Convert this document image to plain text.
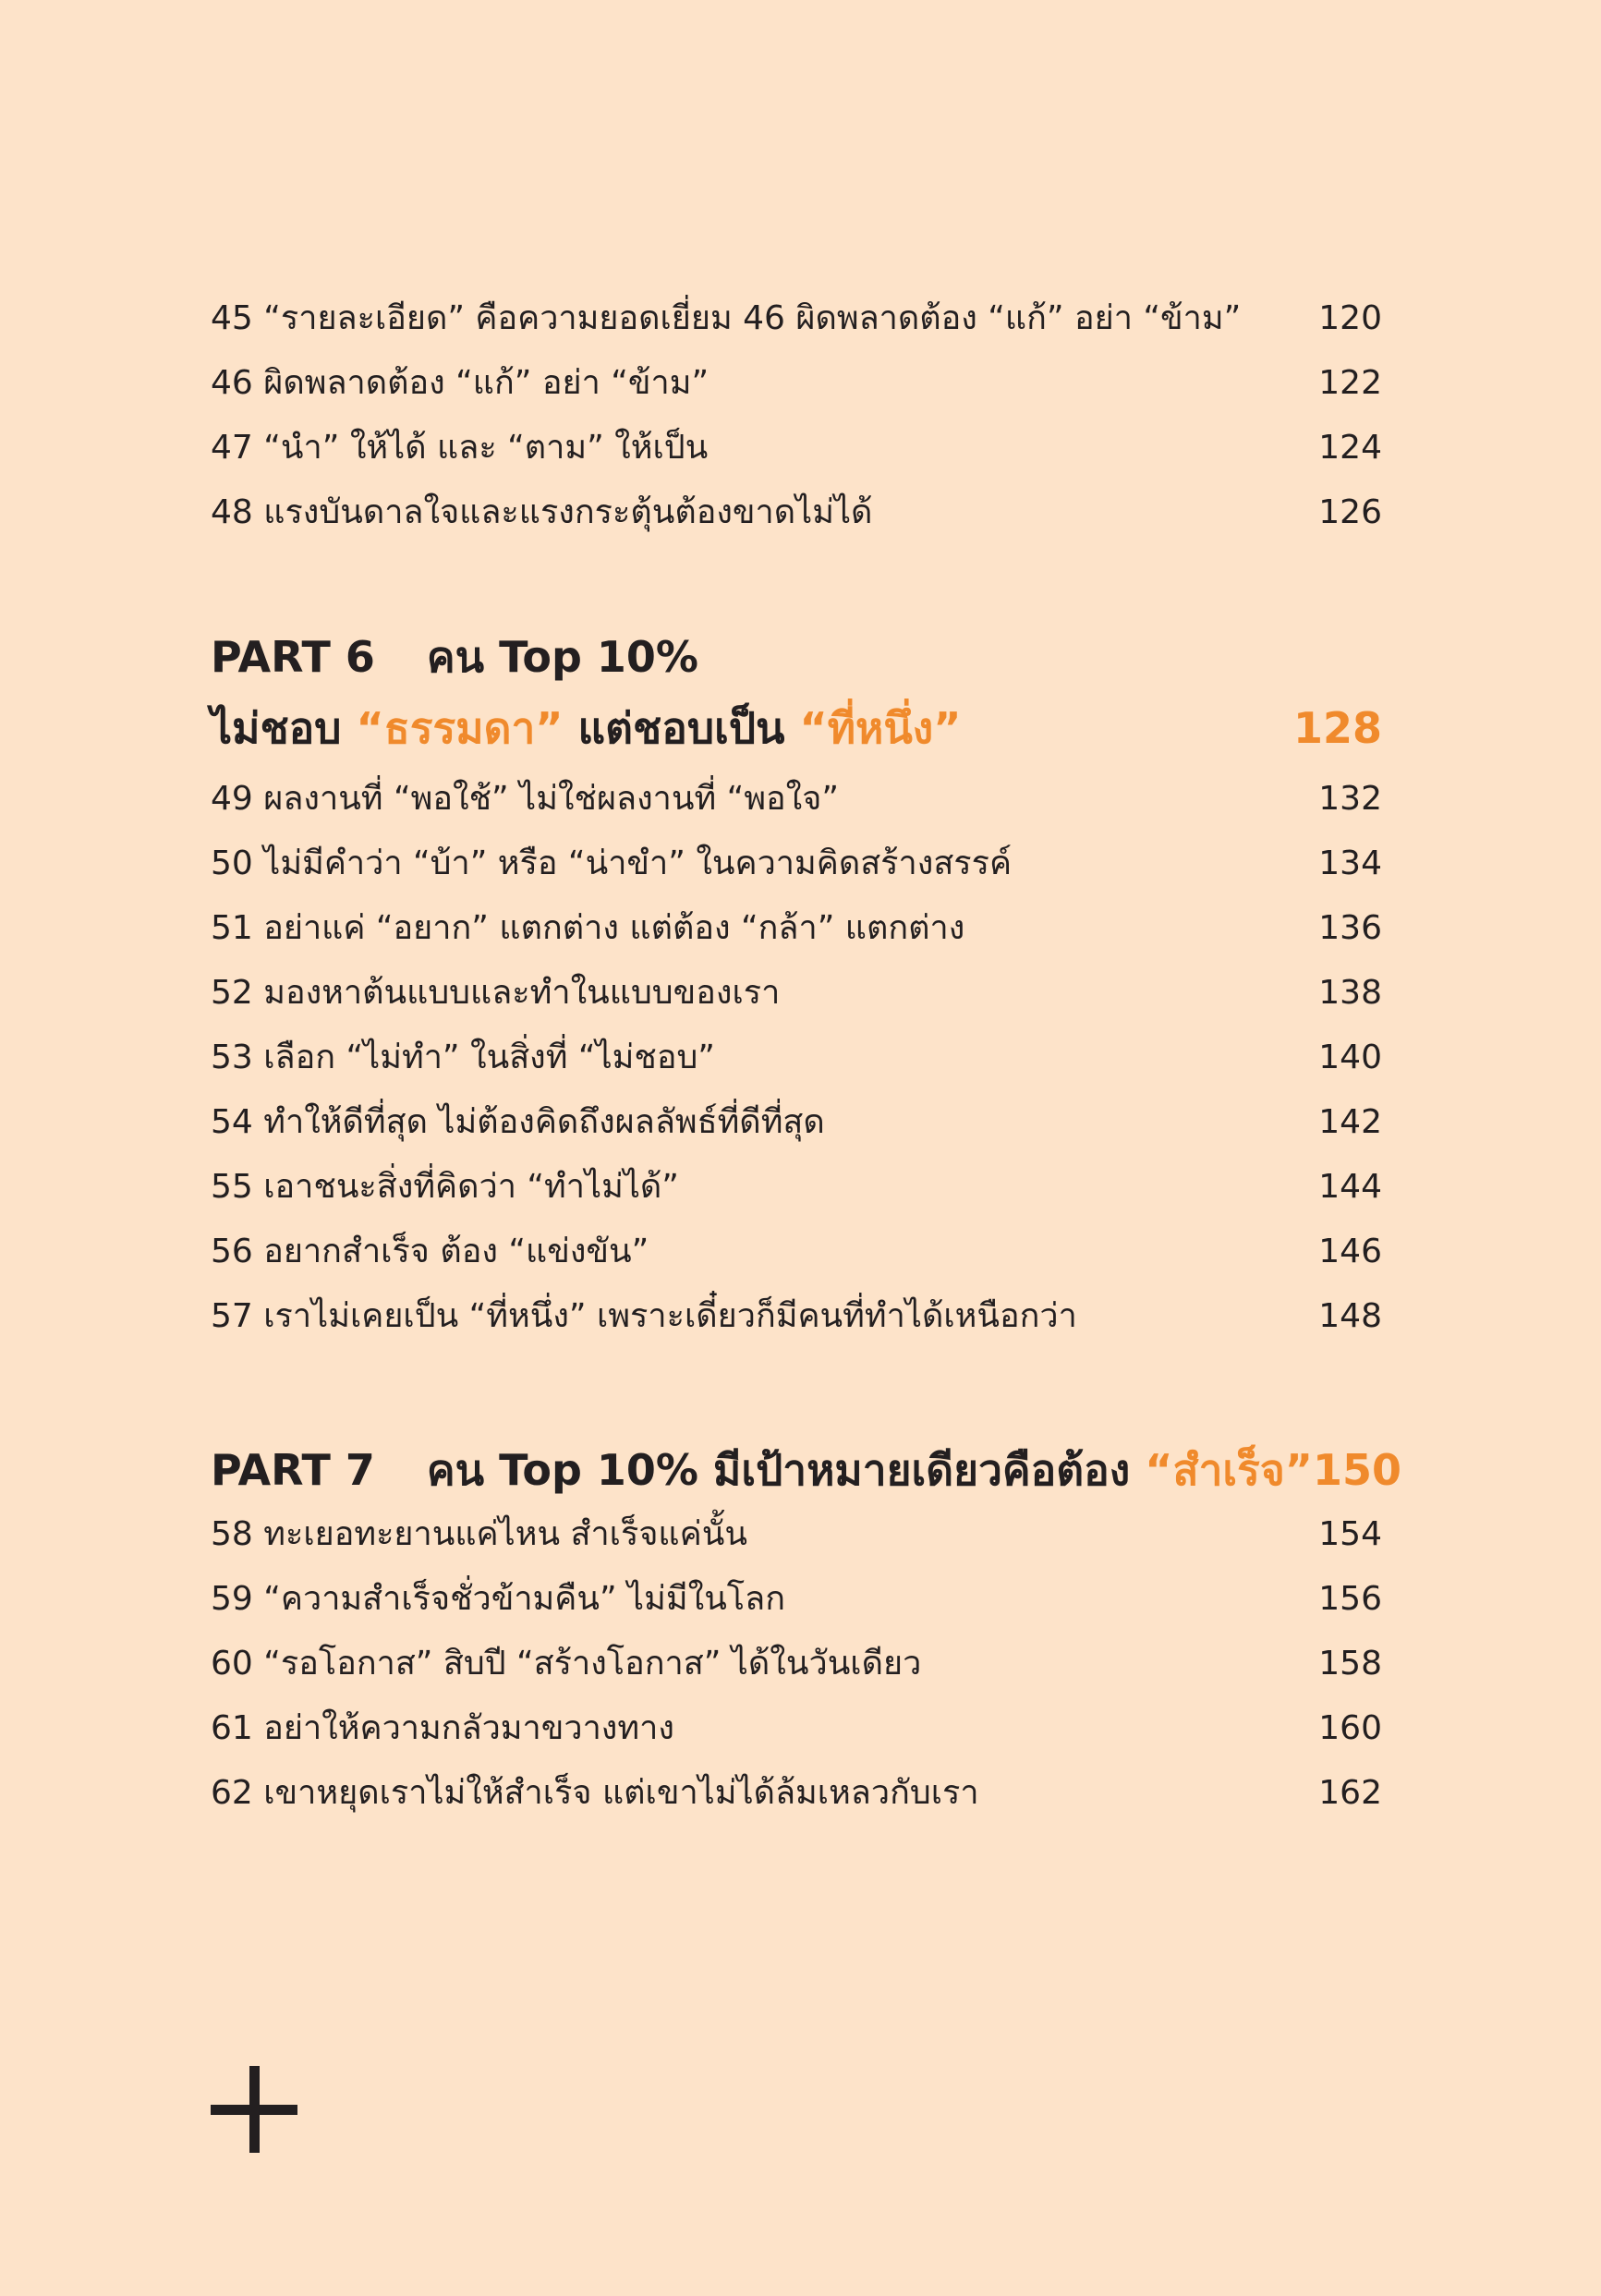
45 “รายละเอียด” คือความยอดเยี่ยม 46 ผิดพลาดต้อง “แก้” อย่า “ข้าม”	120
46 ผิดพลาดต้อง “แก้” อย่า “ข้าม”	122
47 “นำ” ให้ได้ และ “ตาม” ให้เป็น	124
48 แรงบันดาลใจและแรงกระตุ้นต้องขาดไม่ได้	126
PART 6 คน Top 10%
ไม่ชอบ “ธรรมดา” แต่ชอบเป็น “ที่หนึ่ง”	128
49 ผลงานที่ “พอใช้” ไม่ใช่ผลงานที่ “พอใจ”	132
50 ไม่มีคำว่า “บ้า” หรือ “น่าขำ” ในความคิดสร้างสรรค์	134
51 อย่าแค่ “อยาก” แตกต่าง แต่ต้อง “กล้า” แตกต่าง	136
52 มองหาต้นแบบและทำในแบบของเรา	138
53 เลือก “ไม่ทำ” ในสิ่งที่ “ไม่ชอบ”	140
54 ทำให้ดีที่สุด ไม่ต้องคิดถึงผลลัพธ์ที่ดีที่สุด	142
55 เอาชนะสิ่งที่คิดว่า “ทำไม่ได้”	144
56 อยากสำเร็จ ต้อง “แข่งขัน”	146
57 เราไม่เคยเป็น “ที่หนึ่ง” เพราะเดี๋ยวก็มีคนที่ทำได้เหนือกว่า	148
PART 7 คน Top 10% มีเป้าหมายเดียวคือต้อง “สำเร็จ” 150
58 ทะเยอทะยานแค่ไหน สำเร็จแค่นั้น	154
59 “ความสำเร็จชั่วข้ามคืน” ไม่มีในโลก	156
60 “รอโอกาส” สิบปี “สร้างโอกาส” ได้ในวันเดียว	158
61 อย่าให้ความกลัวมาขวางทาง	160
62 เขาหยุดเราไม่ให้สำเร็จ แต่เขาไม่ได้ล้มเหลวกับเรา	162
